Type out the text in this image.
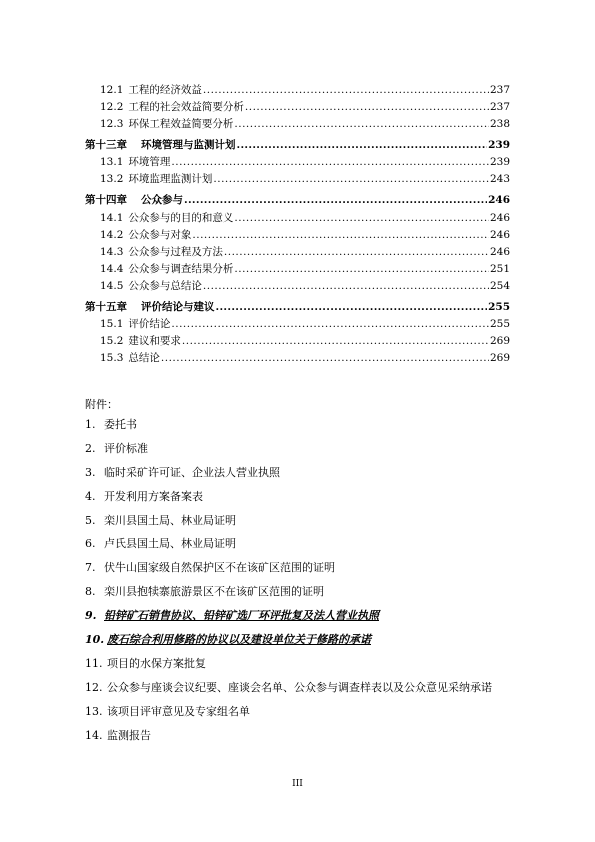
12.1 工程的经济效益 .....	237
12.2 工程的社会效益简要分析 .....	237
12.3 环保工程效益简要分析 .....	238
第十三章 环境管理与监测计划 .....	239
13.1 环境管理 .....	239
13.2 环境监理监测计划 .....	243
第十四章 公众参与 .....	246
14.1 公众参与的目的和意义 .....	246
14.2 公众参与对象 .....	246
14.3 公众参与过程及方法 .....	246
14.4 公众参与调查结果分析 .....	251
14.5 公众参与总结论 .....	254
第十五章 评价结论与建议 .....	255
15.1 评价结论 .....	255
15.2 建议和要求 .....	269
15.3 总结论 .....	269
附件：
1. 委托书
2. 评价标准
3. 临时采矿许可证、企业法人营业执照
4. 开发利用方案备案表
5. 栾川县国土局、林业局证明
6. 卢氏县国土局、林业局证明
7. 伏牛山国家级自然保护区不在该矿区范围的证明
8. 栾川县抱犊寨旅游景区不在该矿区范围的证明
9. 铅锌矿石销售协议、铅锌矿选厂环评批复及法人营业执照
10. 废石综合利用修路的协议以及建设单位关于修路的承诺
11. 项目的水保方案批复
12. 公众参与座谈会议纪要、座谈会名单、公众参与调查样表以及公众意见采纳承诺
13. 该项目评审意见及专家组名单
14. 监测报告
III
